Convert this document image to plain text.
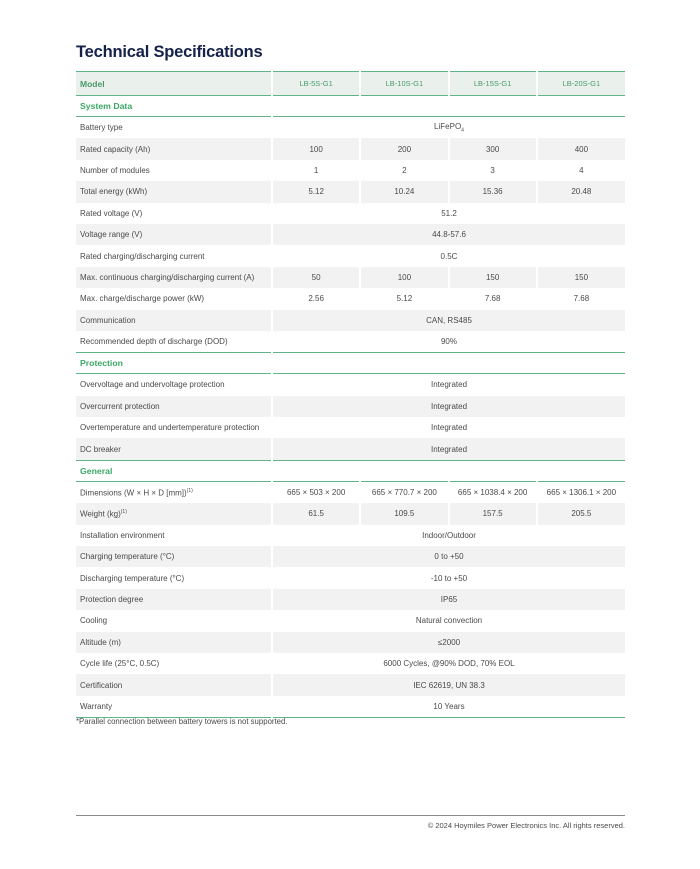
Technical Specifications
Model	LB-5S-G1	LB-10S-G1	LB-15S-G1	LB-20S-G1
System Data				
Battery type	LiFePO$_4$
Rated capacity (Ah)	100	200	300	400
Number of modules	1	2	3	4
Total energy (kWh)	5.12	10.24	15.36	20.48
Rated voltage (V)	51.2			
Voltage range (V)	44.8-57.6			
Rated charging/discharging current	0.5C			
Max. continuous charging/discharging current (A)	50	100	150	150
Max. charge/discharge power (kW)	2.56	5.12	7.68	7.68
Communication	CAN, RS485			
Recommended depth of discharge (DOD)	90%			
Protection				
Overvoltage and undervoltage protection	Integrated			
Overcurrent protection	Integrated			
Overtemperature and undertemperature protection	Integrated			
DC breaker	Integrated			
General				
Dimensions (W × H × D [mm])$^{(1)}$	665 × 503 × 200	665 × 770.7 × 200	665 × 1038.4 × 200	665 × 1306.1 × 200
Weight (kg)$^{(1)}$	61.5	109.5	157.5	205.5
Installation environment	Indoor/Outdoor			
Charging temperature (°C)	0 to +50			
Discharging temperature (°C)	-10 to +50			
Protection degree	IP65			
Cooling	Natural convection			
Altitude (m)	≤2000			
Cycle life (25°C, 0.5C)	6000 Cycles, @90% DOD, 70% EOL			
Certification	IEC 62619, UN 38.3			
Warranty	10 Years			
*Parallel connection between battery towers is not supported.
© 2024 Hoymiles Power Electronics Inc. All rights reserved.
